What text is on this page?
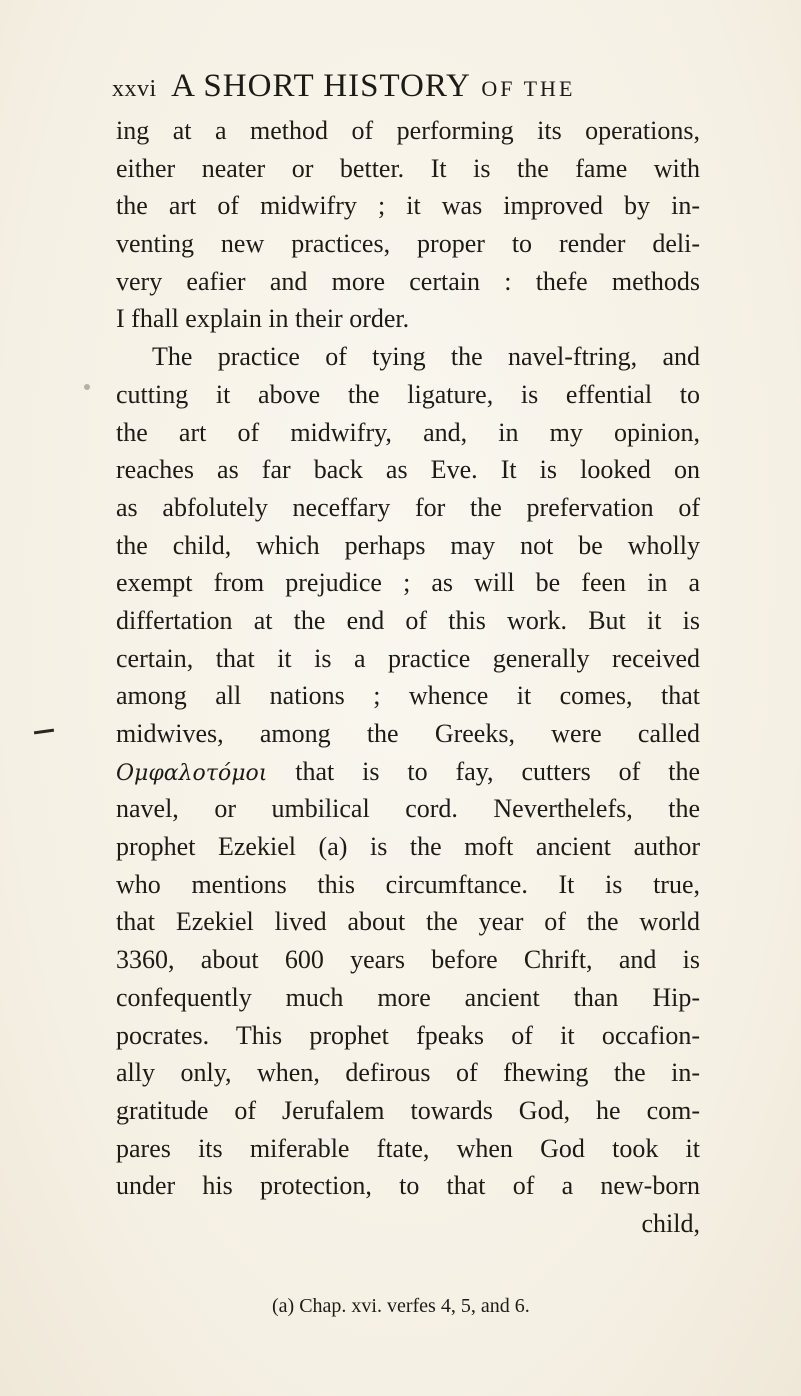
xxvi A SHORT HISTORY OF THE
ing at a method of performing its operations,
either neater or better. It is the fame with
the art of midwifry ; it was improved by in-
venting new practices, proper to render deli-
very eafier and more certain : thefe methods
I fhall explain in their order.
The practice of tying the navel-ftring, and
cutting it above the ligature, is effential to
the art of midwifry, and, in my opinion,
reaches as far back as Eve. It is looked on
as abfolutely neceffary for the prefervation of
the child, which perhaps may not be wholly
exempt from prejudice ; as will be feen in a
differtation at the end of this work. But it is
certain, that it is a practice generally received
among all nations ; whence it comes, that
midwives, among the Greeks, were called
Ομφαλοτόμοι that is to fay, cutters of the
navel, or umbilical cord. Neverthelefs, the
prophet Ezekiel (a) is the moft ancient author
who mentions this circumftance. It is true,
that Ezekiel lived about the year of the world
3360, about 600 years before Chrift, and is
confequently much more ancient than Hip-
pocrates. This prophet fpeaks of it occafion-
ally only, when, defirous of fhewing the in-
gratitude of Jerufalem towards God, he com-
pares its miferable ftate, when God took it
under his protection, to that of a new-born
child,
(a) Chap. xvi. verfes 4, 5, and 6.
